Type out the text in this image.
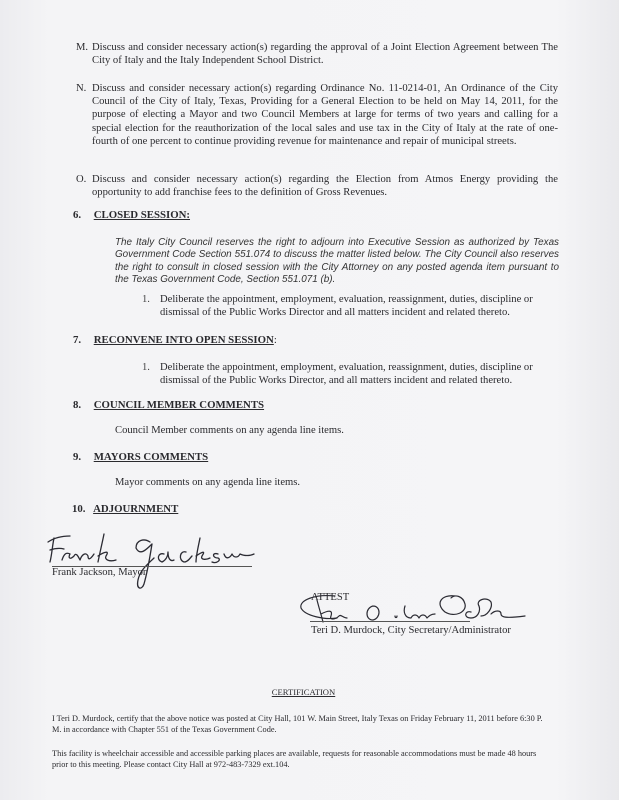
M. Discuss and consider necessary action(s) regarding the approval of a Joint Election Agreement between The City of Italy and the Italy Independent School District.
N. Discuss and consider necessary action(s) regarding Ordinance No. 11-0214-01, An Ordinance of the City Council of the City of Italy, Texas, Providing for a General Election to be held on May 14, 2011, for the purpose of electing a Mayor and two Council Members at large for terms of two years and calling for a special election for the reauthorization of the local sales and use tax in the City of Italy at the rate of one-fourth of one percent to continue providing revenue for maintenance and repair of municipal streets.
O. Discuss and consider necessary action(s) regarding the Election from Atmos Energy providing the opportunity to add franchise fees to the definition of Gross Revenues.
6. CLOSED SESSION:
The Italy City Council reserves the right to adjourn into Executive Session as authorized by Texas Government Code Section 551.074 to discuss the matter listed below. The City Council also reserves the right to consult in closed session with the City Attorney on any posted agenda item pursuant to the Texas Government Code, Section 551.071 (b).
1. Deliberate the appointment, employment, evaluation, reassignment, duties, discipline or dismissal of the Public Works Director and all matters incident and related thereto.
7. RECONVENE INTO OPEN SESSION:
1. Deliberate the appointment, employment, evaluation, reassignment, duties, discipline or dismissal of the Public Works Director, and all matters incident and related thereto.
8. COUNCIL MEMBER COMMENTS
Council Member comments on any agenda line items.
9. MAYORS COMMENTS
Mayor comments on any agenda line items.
10. ADJOURNMENT
Frank Jackson, Mayor
ATTEST
Teri D. Murdock, City Secretary/Administrator
CERTIFICATION
I Teri D. Murdock, certify that the above notice was posted at City Hall, 101 W. Main Street, Italy Texas on Friday February 11, 2011 before 6:30 P. M. in accordance with Chapter 551 of the Texas Government Code.
This facility is wheelchair accessible and accessible parking places are available, requests for reasonable accommodations must be made 48 hours prior to this meeting. Please contact City Hall at 972-483-7329 ext.104.
